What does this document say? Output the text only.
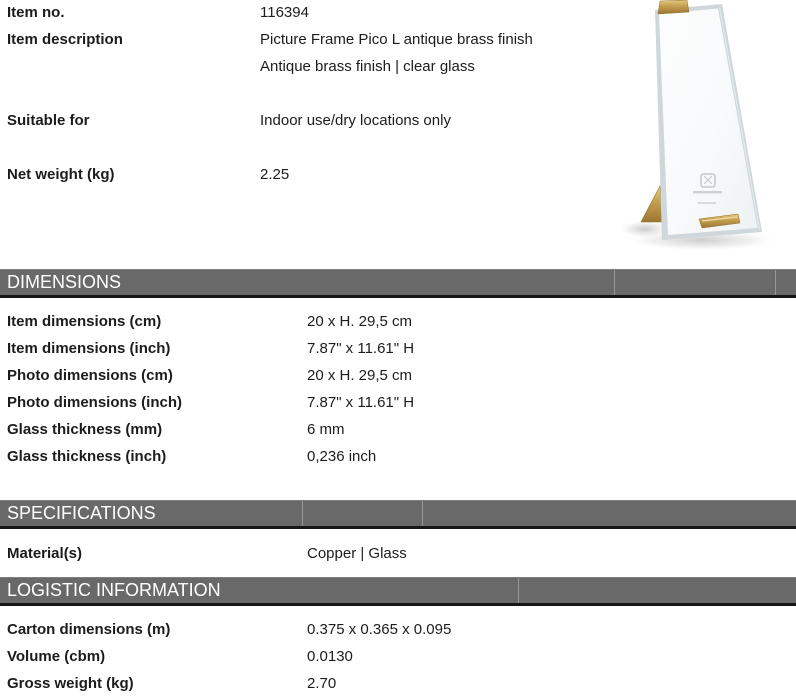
Item no.	116394
Item description	Picture Frame Pico L antique brass finish
Antique brass finish | clear glass
Suitable for	Indoor use/dry locations only
Net weight (kg)	2.25
DIMENSIONS
Item dimensions (cm)	20 x H. 29,5 cm
Item dimensions (inch)	7.87" x 11.61" H
Photo dimensions (cm)	20 x H. 29,5 cm
Photo dimensions (inch)	7.87" x 11.61" H
Glass thickness (mm)	6 mm
Glass thickness (inch)	0,236 inch
SPECIFICATIONS
Material(s)	Copper | Glass
LOGISTIC INFORMATION
Carton dimensions (m)	0.375 x 0.365 x 0.095
Volume (cbm)	0.0130
Gross weight (kg)	2.70
